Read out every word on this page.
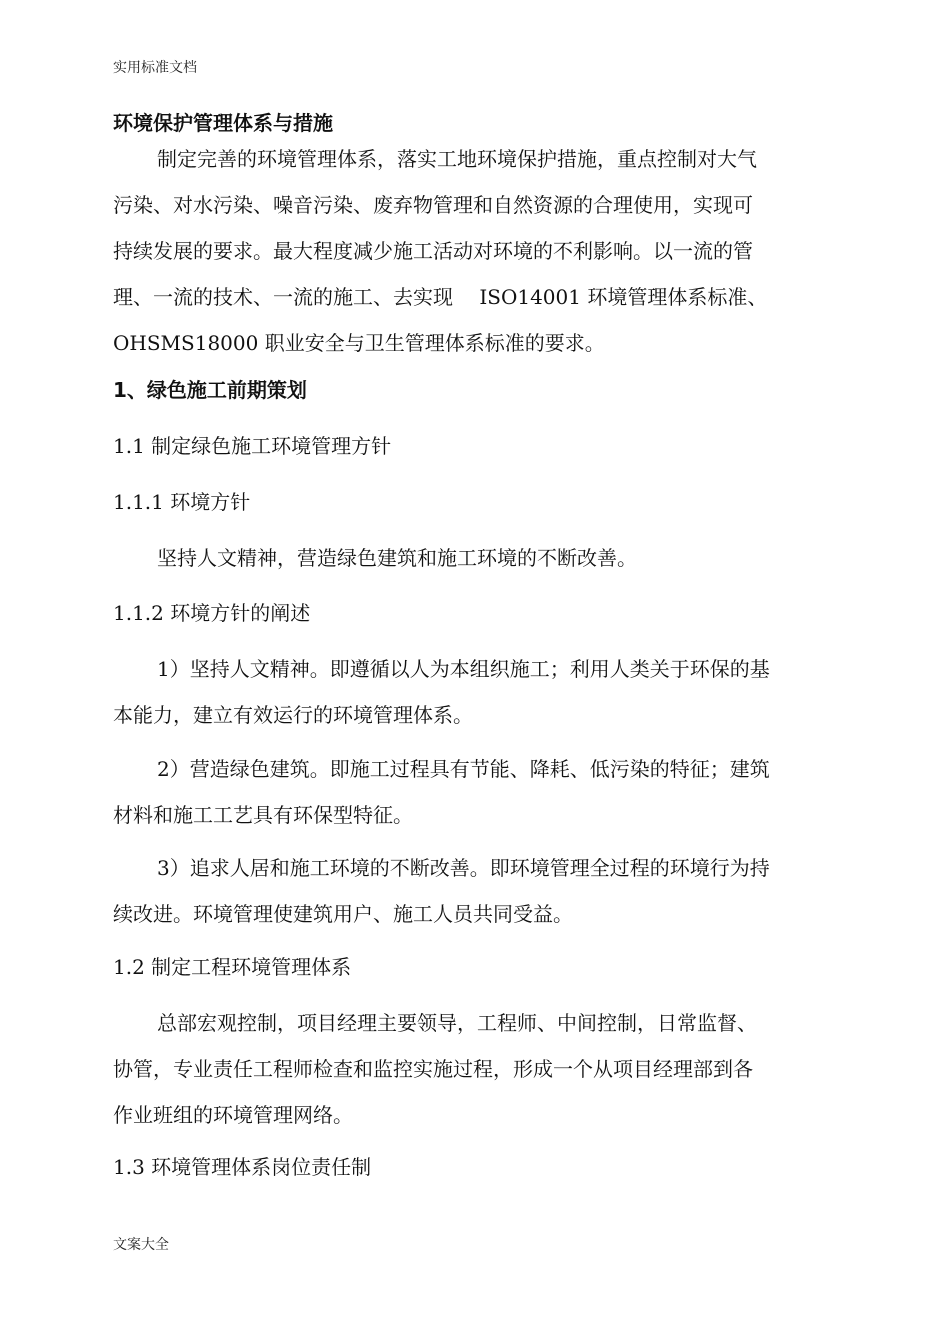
实用标准文档
环境保护管理体系与措施
制定完善的环境管理体系，落实工地环境保护措施，重点控制对大气
污染、对水污染、噪音污染、废弃物管理和自然资源的合理使用，实现可
持续发展的要求。最大程度减少施工活动对环境的不利影响。以一流的管
理、一流的技术、一流的施工、去实现　 ISO14001 环境管理体系标准、
OHSMS18000 职业安全与卫生管理体系标准的要求。
1、绿色施工前期策划
1.1 制定绿色施工环境管理方针
1.1.1 环境方针
坚持人文精神，营造绿色建筑和施工环境的不断改善。
1.1.2 环境方针的阐述
1）坚持人文精神。即遵循以人为本组织施工；利用人类关于环保的基
本能力，建立有效运行的环境管理体系。
2）营造绿色建筑。即施工过程具有节能、降耗、低污染的特征；建筑
材料和施工工艺具有环保型特征。
3）追求人居和施工环境的不断改善。即环境管理全过程的环境行为持
续改进。环境管理使建筑用户、施工人员共同受益。
1.2 制定工程环境管理体系
总部宏观控制，项目经理主要领导，工程师、中间控制，日常监督、
协管，专业责任工程师检查和监控实施过程，形成一个从项目经理部到各
作业班组的环境管理网络。
1.3 环境管理体系岗位责任制
文案大全
